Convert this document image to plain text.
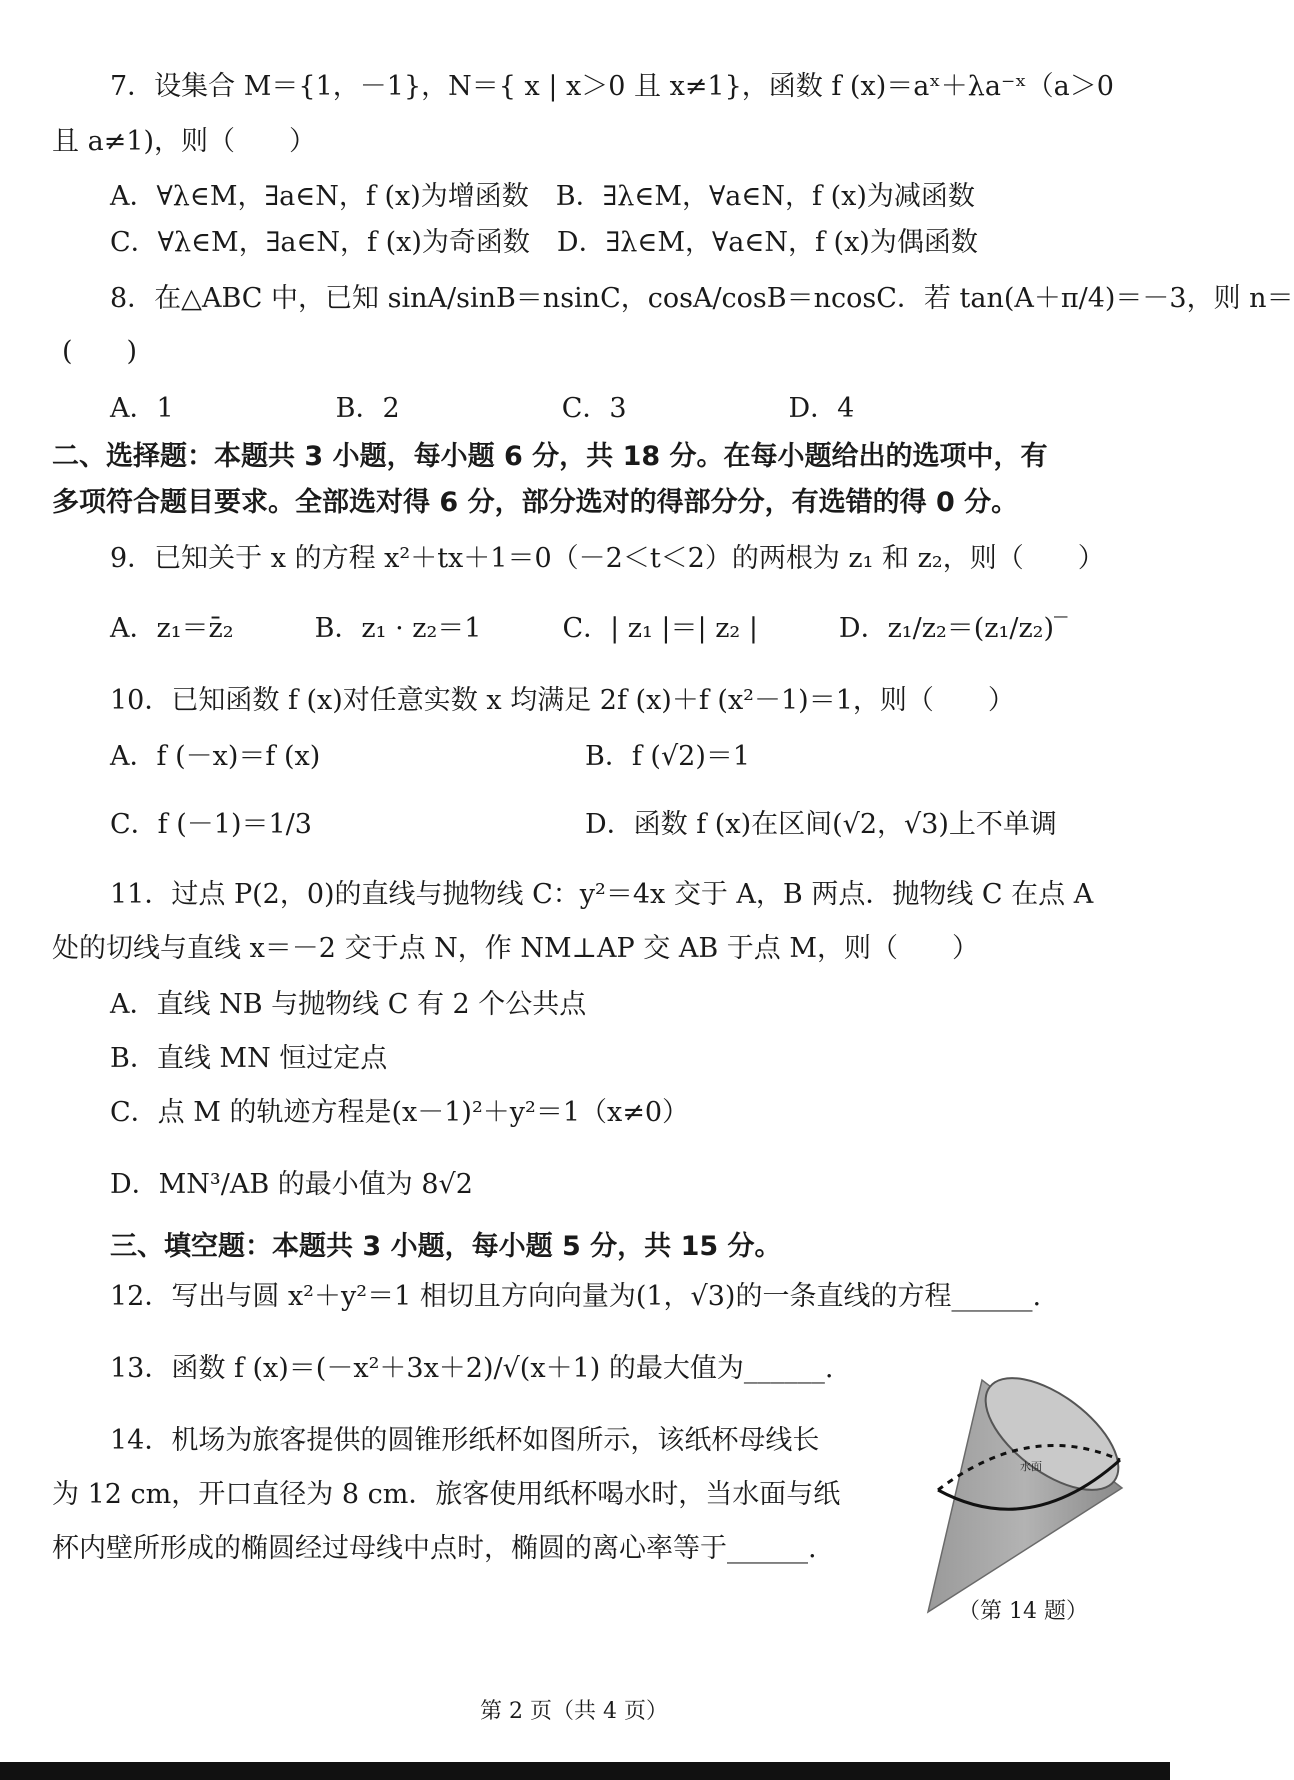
7．设集合 M＝{1，－1}，N＝{ x | x＞0 且 x≠1}，函数 f (x)＝aˣ＋λa⁻ˣ（a＞0
且 a≠1)，则（　　）
A．∀λ∈M，∃a∈N，f (x)为增函数　B．∃λ∈M，∀a∈N，f (x)为减函数
C．∀λ∈M，∃a∈N，f (x)为奇函数　D．∃λ∈M，∀a∈N，f (x)为偶函数
8．在△ABC 中，已知 sinA/sinB＝nsinC，cosA/cosB＝ncosC．若 tan(A＋π/4)＝－3，则 n＝
(　　)
A．1　　　　　　B．2　　　　　　C．3　　　　　　D．4
二、选择题：本题共 3 小题，每小题 6 分，共 18 分。在每小题给出的选项中，有
多项符合题目要求。全部选对得 6 分，部分选对的得部分分，有选错的得 0 分。
9．已知关于 x 的方程 x²＋tx＋1＝0（－2＜t＜2）的两根为 z₁ 和 z₂，则（　　）
A．z₁＝z̄₂　　　B．z₁ · z₂＝1　　　C．| z₁ |＝| z₂ |　　　D．z₁/z₂＝(z₁/z₂)‾
10．已知函数 f (x)对任意实数 x 均满足 2f (x)＋f (x²－1)＝1，则（　　）
A．f (－x)＝f (x)	B．f (√2)＝1
C．f (－1)＝1/3	D．函数 f (x)在区间(√2，√3)上不单调
11．过点 P(2，0)的直线与抛物线 C：y²＝4x 交于 A，B 两点．抛物线 C 在点 A
处的切线与直线 x＝－2 交于点 N，作 NM⊥AP 交 AB 于点 M，则（　　）
A．直线 NB 与抛物线 C 有 2 个公共点
B．直线 MN 恒过定点
C．点 M 的轨迹方程是(x－1)²＋y²＝1（x≠0）
D．MN³/AB 的最小值为 8√2
三、填空题：本题共 3 小题，每小题 5 分，共 15 分。
12．写出与圆 x²＋y²＝1 相切且方向向量为(1，√3)的一条直线的方程______.
13．函数 f (x)＝(－x²＋3x＋2)/√(x＋1) 的最大值为______.
14．机场为旅客提供的圆锥形纸杯如图所示，该纸杯母线长
为 12 cm，开口直径为 8 cm．旅客使用纸杯喝水时，当水面与纸
杯内壁所形成的椭圆经过母线中点时，椭圆的离心率等于______.
水面
（第 14 题）
第 2 页（共 4 页）
